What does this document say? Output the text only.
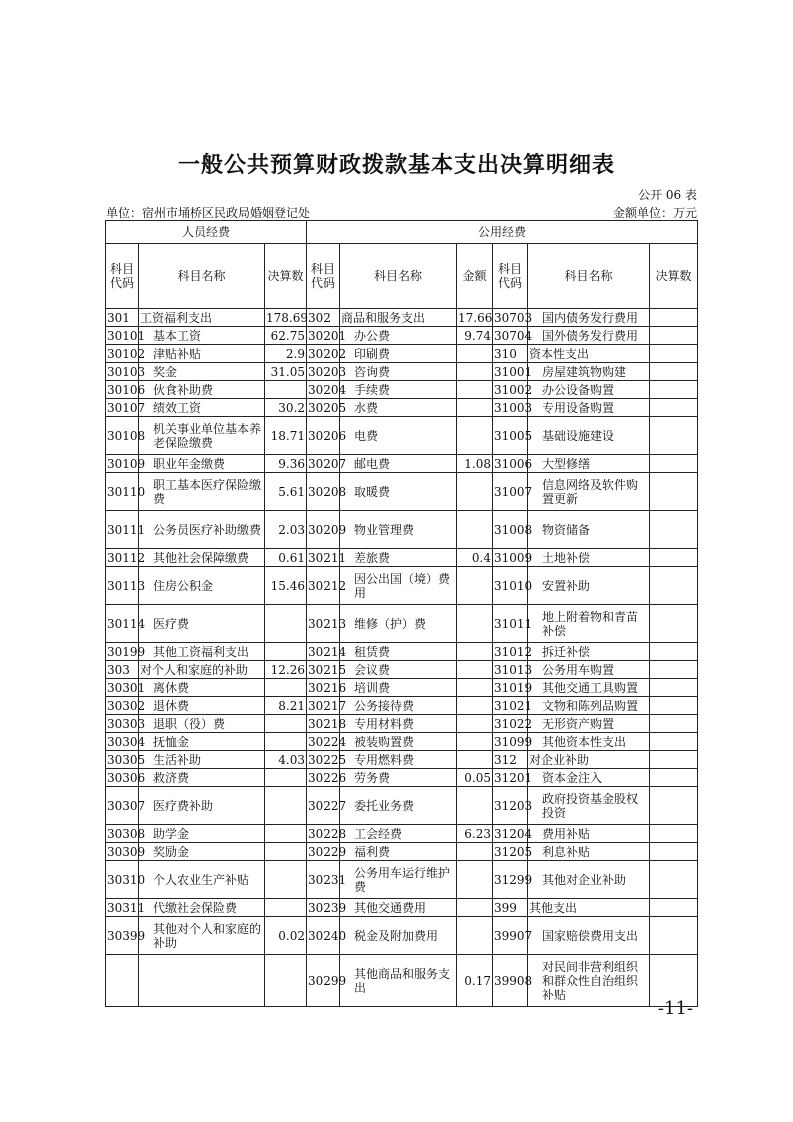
一般公共预算财政拨款基本支出决算明细表
公开 06 表
单位：宿州市埇桥区民政局婚姻登记处	金额单位：万元
人员经费			公用经费					
科目代码	科目名称	决算数	科目代码	科目名称	金额	科目代码	科目名称	决算数
301	工资福利支出	178.69	302	商品和服务支出	17.66	30703	国内债务发行费用	
30101	基本工资	62.75	30201	办公费	9.74	30704	国外债务发行费用	
30102	津贴补贴	2.9	30202	印刷费		310	资本性支出	
30103	奖金	31.05	30203	咨询费		31001	房屋建筑物购建	
30106	伙食补助费		30204	手续费		31002	办公设备购置	
30107	绩效工资	30.2	30205	水费		31003	专用设备购置	
30108	机关事业单位基本养老保险缴费	18.71	30206	电费		31005	基础设施建设	
30109	职业年金缴费	9.36	30207	邮电费	1.08	31006	大型修缮	
30110	职工基本医疗保险缴费	5.61	30208	取暖费		31007	信息网络及软件购置更新	
30111	公务员医疗补助缴费	2.03	30209	物业管理费		31008	物资储备	
30112	其他社会保障缴费	0.61	30211	差旅费	0.4	31009	土地补偿	
30113	住房公积金	15.46	30212	因公出国（境）费用		31010	安置补助	
30114	医疗费		30213	维修（护）费		31011	地上附着物和青苗补偿	
30199	其他工资福利支出		30214	租赁费		31012	拆迁补偿	
303	对个人和家庭的补助	12.26	30215	会议费		31013	公务用车购置	
30301	离休费		30216	培训费		31019	其他交通工具购置	
30302	退休费	8.21	30217	公务接待费		31021	文物和陈列品购置	
30303	退职（役）费		30218	专用材料费		31022	无形资产购置	
30304	抚恤金		30224	被装购置费		31099	其他资本性支出	
30305	生活补助	4.03	30225	专用燃料费		312	对企业补助	
30306	救济费		30226	劳务费	0.05	31201	资本金注入	
30307	医疗费补助		30227	委托业务费		31203	政府投资基金股权投资	
30308	助学金		30228	工会经费	6.23	31204	费用补贴	
30309	奖励金		30229	福利费		31205	利息补贴	
30310	个人农业生产补贴		30231	公务用车运行维护费		31299	其他对企业补助	
30311	代缴社会保险费		30239	其他交通费用		399	其他支出	
30399	其他对个人和家庭的补助	0.02	30240	税金及附加费用		39907	国家赔偿费用支出	
			30299	其他商品和服务支出	0.17	39908	对民间非营利组织和群众性自治组织补贴	
-11-
